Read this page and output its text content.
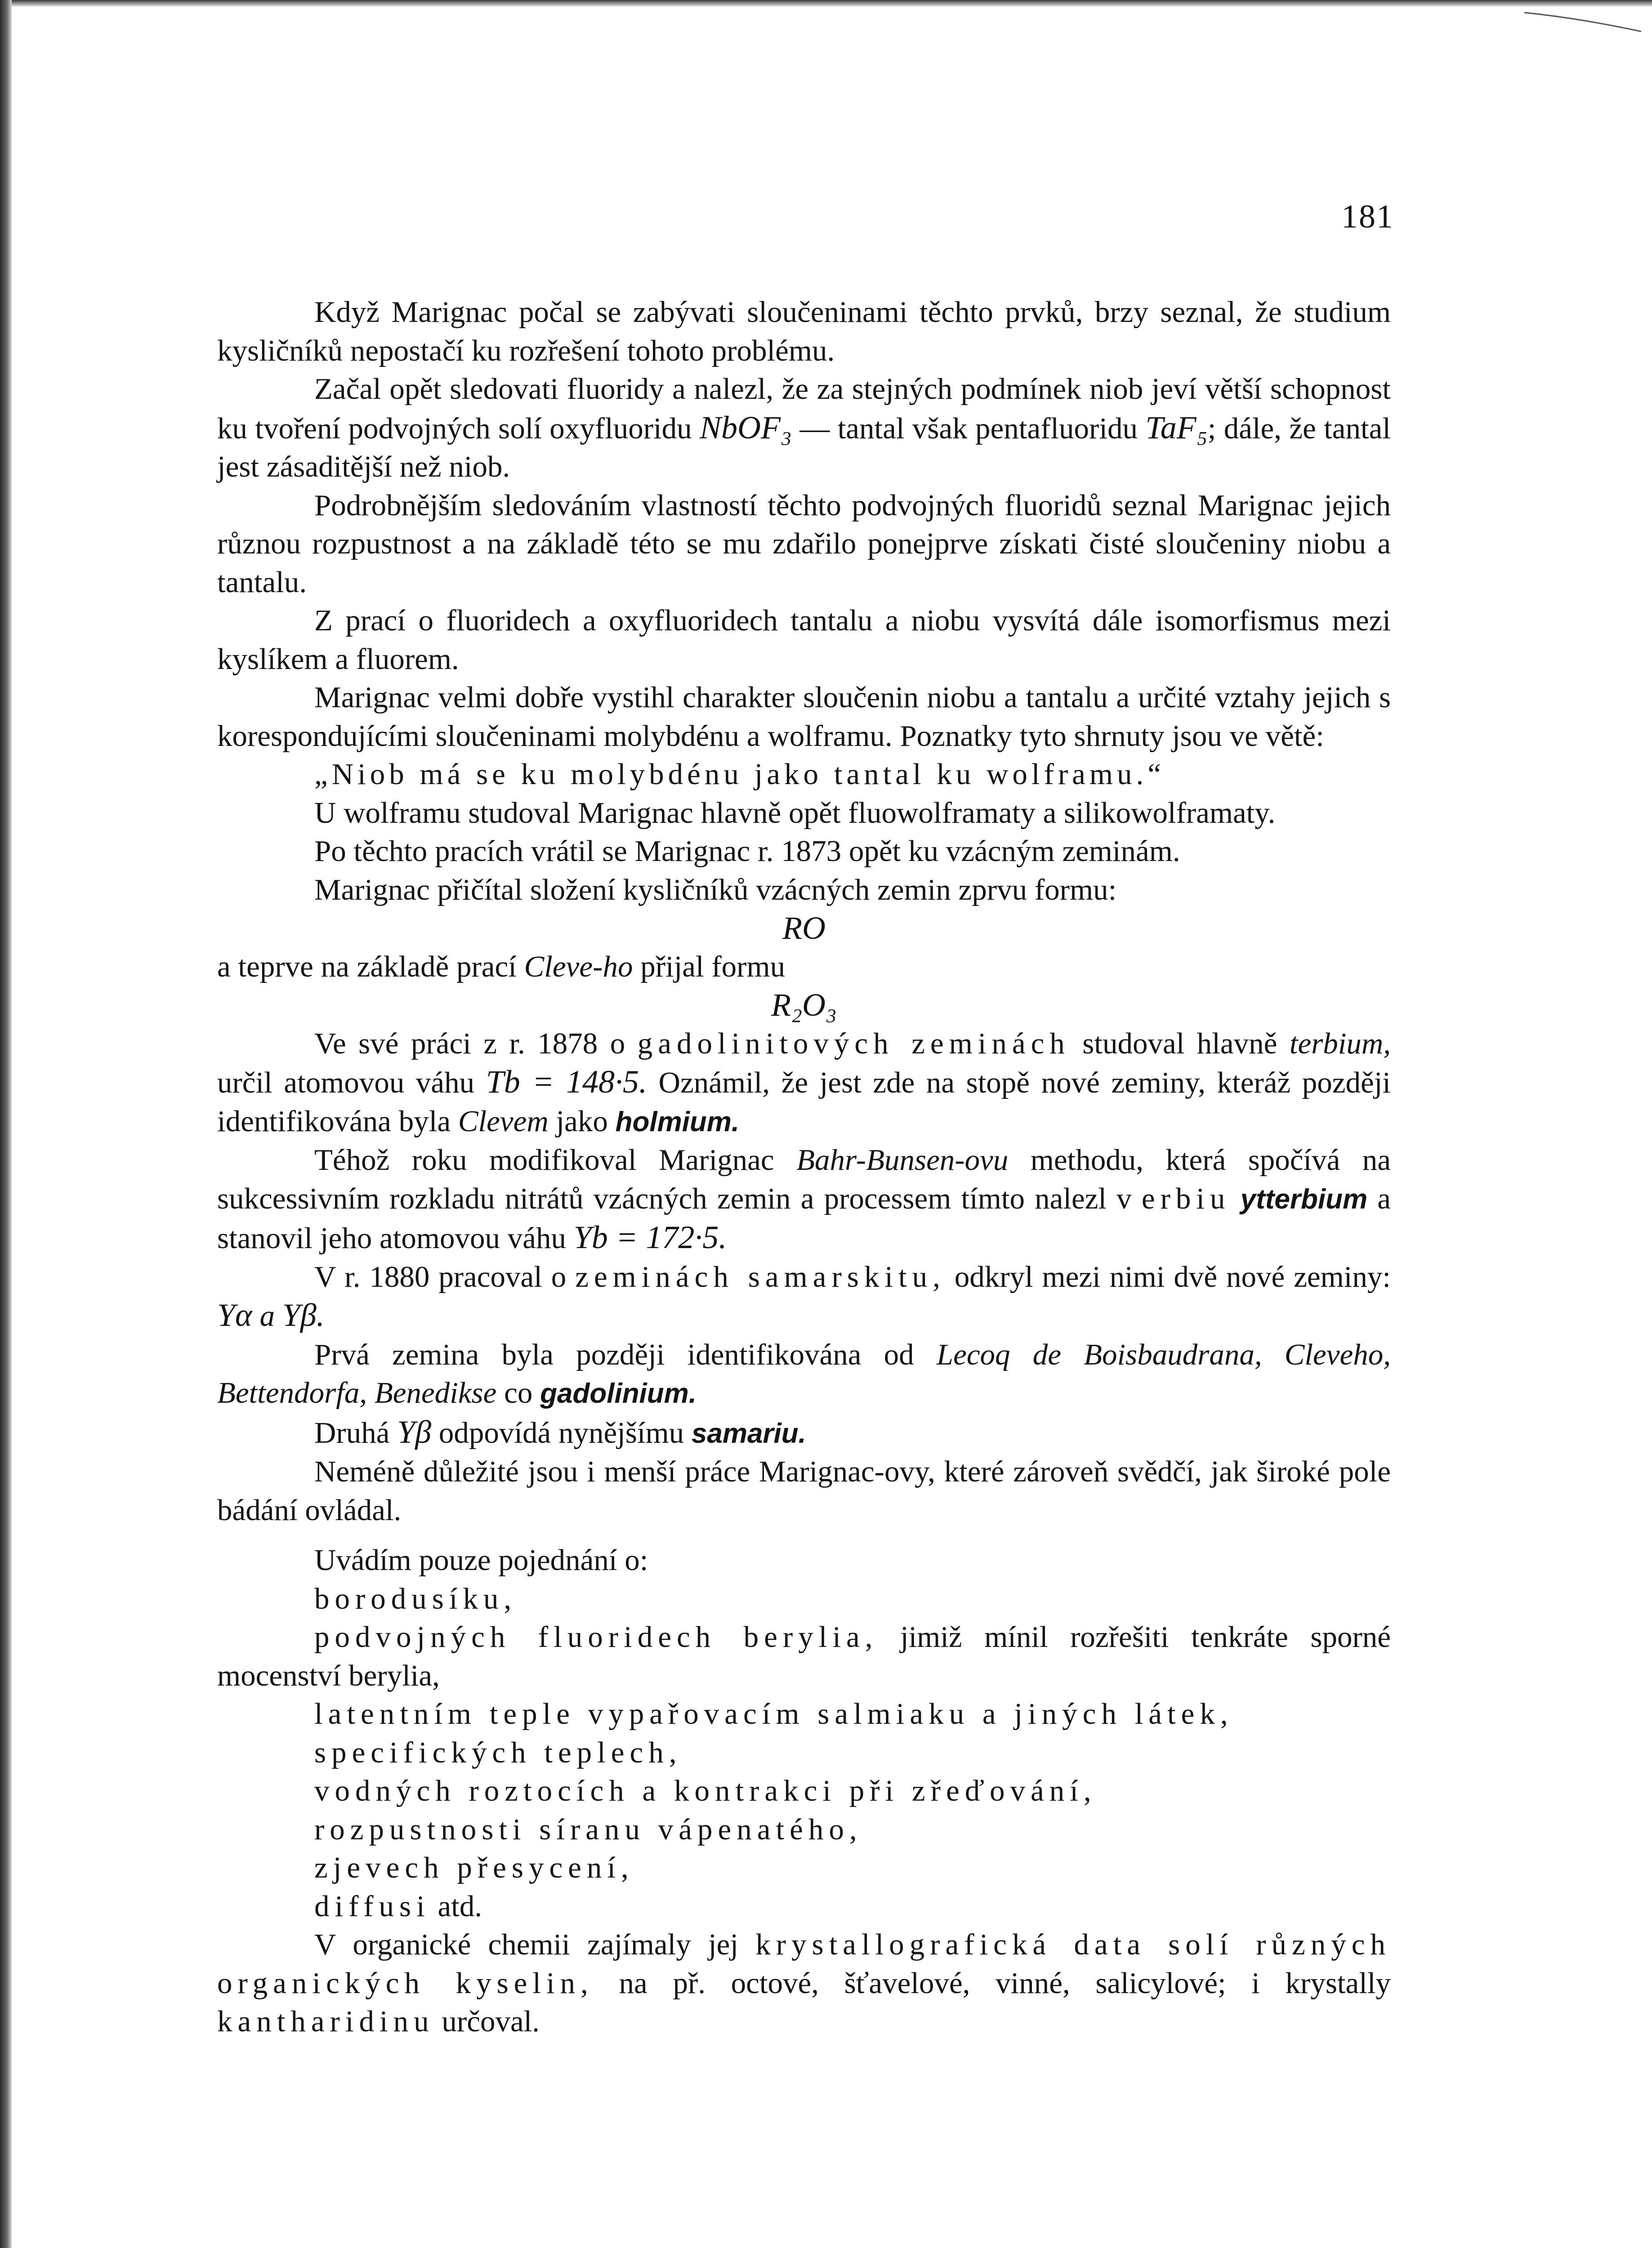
181

Když Marignac počal se zabývati sloučeninami těchto prvků, brzy seznal, že studium kysličníků nepostačí ku rozřešení tohoto problému.

Začal opět sledovati fluoridy a nalezl, že za stejných podmínek niob jeví větší schopnost ku tvoření podvojných solí oxyfluoridu NbOF₃ — tantal však pentafluoridu TaF₅; dále, že tantal jest zásaditější než niob.

Podrobnějším sledováním vlastností těchto podvojných fluoridů seznal Marignac jejich různou rozpustnost a na základě této se mu zdařilo ponejprve získati čisté sloučeniny niobu a tantalu.

Z prací o fluoridech a oxyfluoridech tantalu a niobu vysvítá dále isomorfismus mezi kyslíkem a fluorem.

Marignac velmi dobře vystihl charakter sloučenin niobu a tantalu a určité vztahy jejich s korespondujícími sloučeninami molybdénu a wolframu. Poznatky tyto shrnuty jsou ve větě:

„Niob má se ku molybdénu jako tantal ku wolframu.“

U wolframu studoval Marignac hlavně opět fluowolframaty a silikowolframaty.

Po těchto pracích vrátil se Marignac r. 1873 opět ku vzácným zeminám.

Marignac přičítal složení kysličníků vzácných zemin zprvu formu:

RO

a teprve na základě prací Cleve-ho přijal formu

R₂O₃

Ve své práci z r. 1878 o gadolinitových zeminách studoval hlavně terbium, určil atomovou váhu Tb = 148·5. Oznámil, že jest zde na stopě nové zeminy, kteráž později identifikována byla Clevem jako holmium.

Téhož roku modifikoval Marignac Bahr-Bunsen-ovu methodu, která spočívá na sukcessivním rozkladu nitrátů vzácných zemin a processem tímto nalezl v erbiu ytterbium a stanovil jeho atomovou váhu Yb = 172·5.

V r. 1880 pracoval o zeminách samarskitu, odkryl mezi nimi dvě nové zeminy: Yα a Yβ.

Prvá zemina byla později identifikována od Lecoq de Boisbaudrana, Cleveho, Bettendorfa, Benedikse co gadolinium.

Druhá Yβ odpovídá nynějšímu samariu.

Neméně důležité jsou i menší práce Marignac-ovy, které zároveň svědčí, jak široké pole bádání ovládal.

Uvádím pouze pojednání o:

borodusíku,

podvojných fluoridech berylia, jimiž mínil rozřešiti tenkráte sporné mocenství berylia,

latentním teple vypařovacím salmiaku a jiných látek,

specifických teplech,

vodných roztocích a kontrakci při zřeďování,

rozpustnosti síranu vápenatého,

zjevech přesycení,

diffusi atd.

V organické chemii zajímaly jej krystallografická data solí různých organických kyselin, na př. octové, šťavelové, vinné, salicylové; i krystally kantharidinu určoval.
